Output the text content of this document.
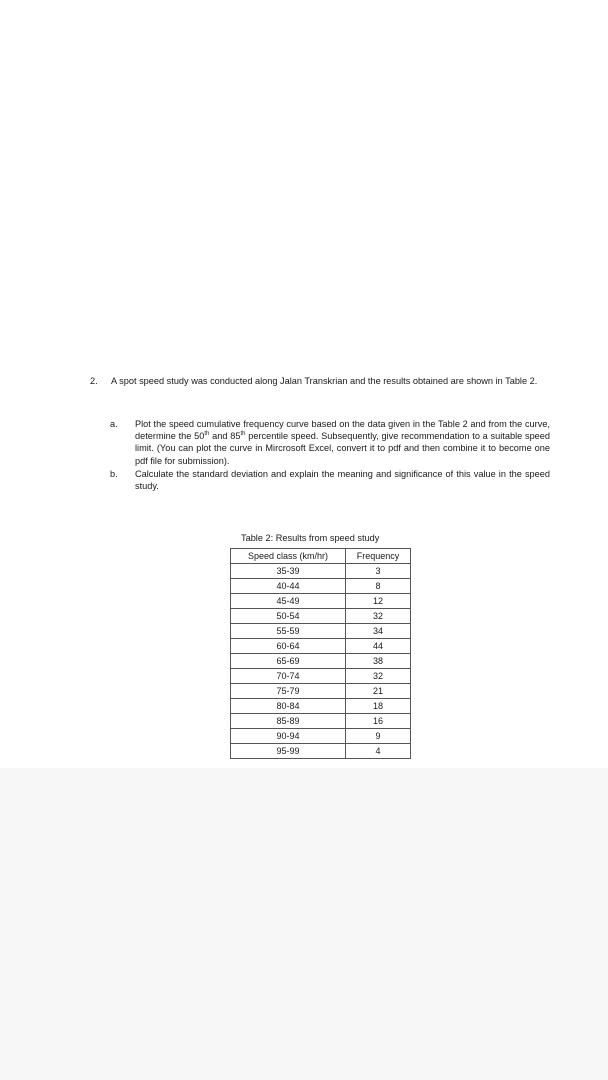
2. A spot speed study was conducted along Jalan Transkrian and the results obtained are shown in Table 2.
a. Plot the speed cumulative frequency curve based on the data given in the Table 2 and from the curve, determine the 50th and 85th percentile speed. Subsequently, give recommendation to a suitable speed limit. (You can plot the curve in Mircrosoft Excel, convert it to pdf and then combine it to become one pdf file for submission).
b. Calculate the standard deviation and explain the meaning and significance of this value in the speed study.
Table 2: Results from speed study
Speed class (km/hr)	Frequency
35-39	3
40-44	8
45-49	12
50-54	32
55-59	34
60-64	44
65-69	38
70-74	32
75-79	21
80-84	18
85-89	16
90-94	9
95-99	4
